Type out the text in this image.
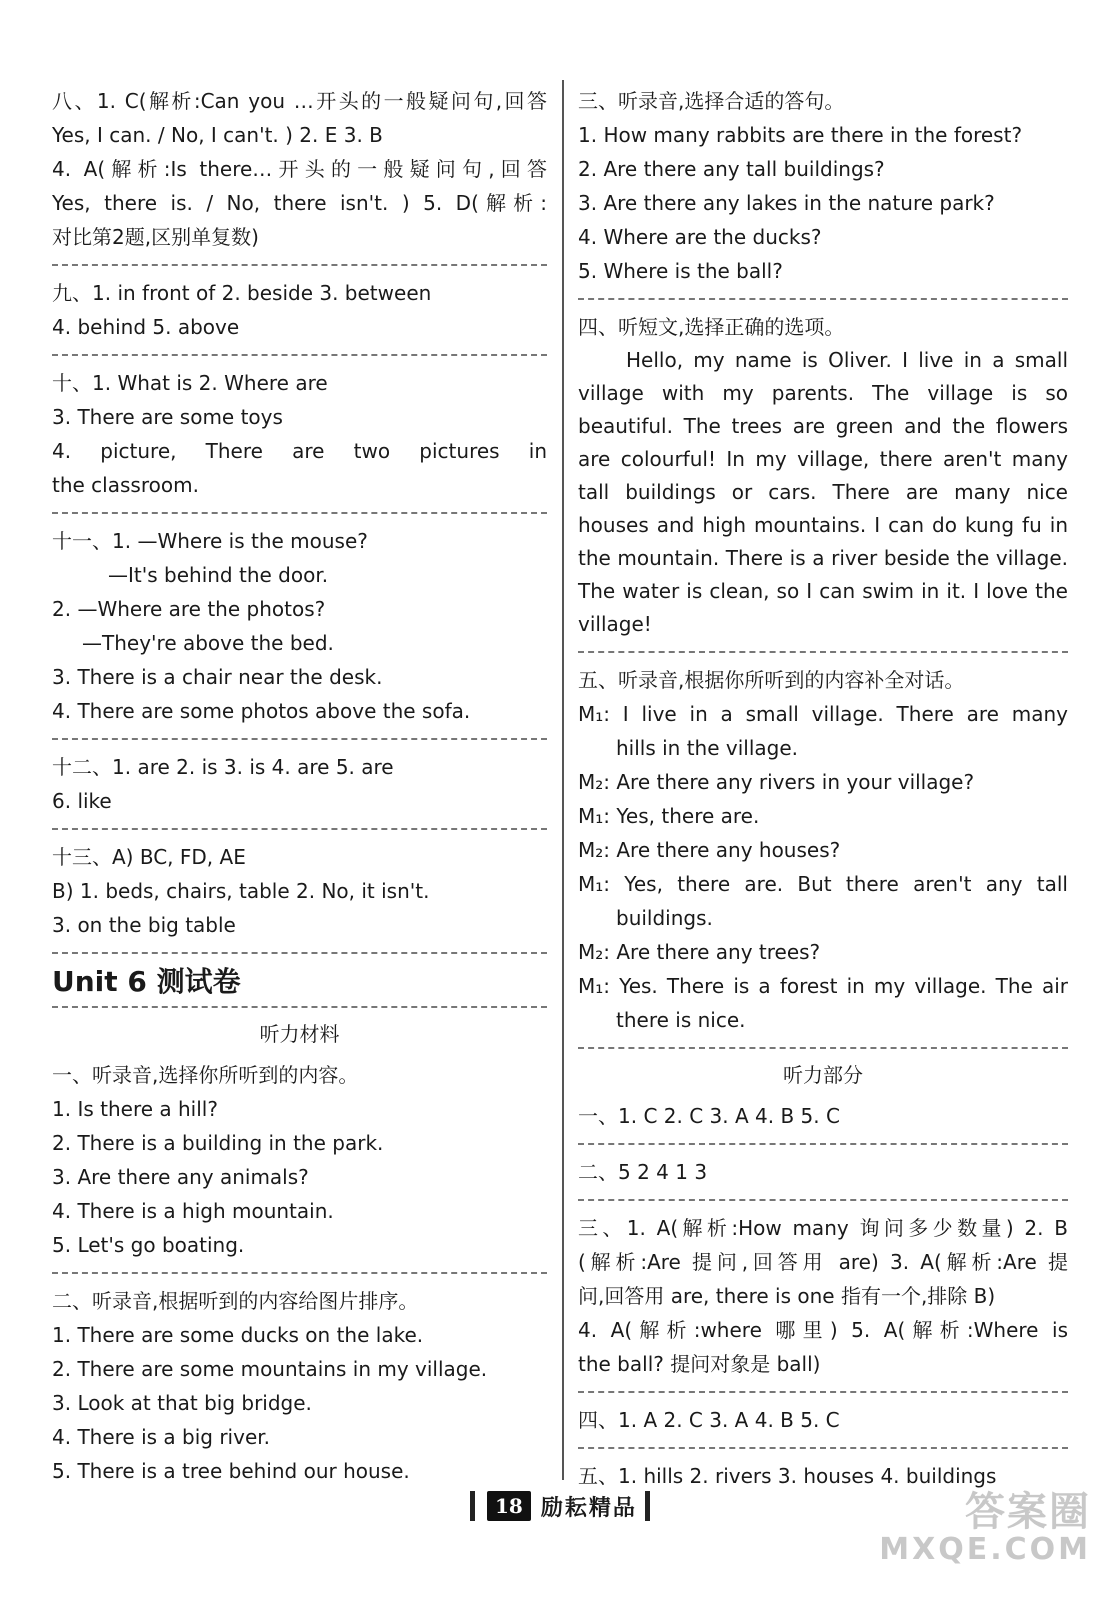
八、1. C(解析:Can you …开头的一般疑问句,回答
Yes, I can. / No, I can't. ) 2. E 3. B
4. A(解析:Is there…开头的一般疑问句,回答
Yes, there is. / No, there isn't. ) 5. D(解析:
对比第2题,区别单复数)
九、1. in front of 2. beside 3. between
4. behind 5. above
十、1. What is 2. Where are
3. There are some toys
4. picture, There are two pictures in
the classroom.
十一、1. —Where is the mouse?
—It's behind the door.
2. —Where are the photos?
—They're above the bed.
3. There is a chair near the desk.
4. There are some photos above the sofa.
十二、1. are 2. is 3. is 4. are 5. are
6. like
十三、A) BC, FD, AE
B) 1. beds, chairs, table 2. No, it isn't.
3. on the big table
Unit 6 测试卷
听力材料
一、听录音,选择你所听到的内容。
1. Is there a hill?
2. There is a building in the park.
3. Are there any animals?
4. There is a high mountain.
5. Let's go boating.
二、听录音,根据听到的内容给图片排序。
1. There are some ducks on the lake.
2. There are some mountains in my village.
3. Look at that big bridge.
4. There is a big river.
5. There is a tree behind our house.
三、听录音,选择合适的答句。
1. How many rabbits are there in the forest?
2. Are there any tall buildings?
3. Are there any lakes in the nature park?
4. Where are the ducks?
5. Where is the ball?
四、听短文,选择正确的选项。
Hello, my name is Oliver. I live in a small village with my parents. The village is so beautiful. The trees are green and the flowers are colourful! In my village, there aren't many tall buildings or cars. There are many nice houses and high mountains. I can do kung fu in the mountain. There is a river beside the village. The water is clean, so I can swim in it. I love the village!
五、听录音,根据你所听到的内容补全对话。
M₁: I live in a small village. There are many
hills in the village.
M₂: Are there any rivers in your village?
M₁: Yes, there are.
M₂: Are there any houses?
M₁: Yes, there are. But there aren't any tall
buildings.
M₂: Are there any trees?
M₁: Yes. There is a forest in my village. The air
there is nice.
听力部分
一、1. C 2. C 3. A 4. B 5. C
二、5 2 4 1 3
三、1. A(解析:How many 询问多少数量) 2. B
(解析:Are 提问,回答用 are) 3. A(解析:Are 提
问,回答用 are, there is one 指有一个,排除 B)
4. A(解析:where 哪里) 5. A(解析:Where is
the ball? 提问对象是 ball)
四、1. A 2. C 3. A 4. B 5. C
五、1. hills 2. rivers 3. houses 4. buildings
18 励耘精品	答案圈
MXQE.COM
